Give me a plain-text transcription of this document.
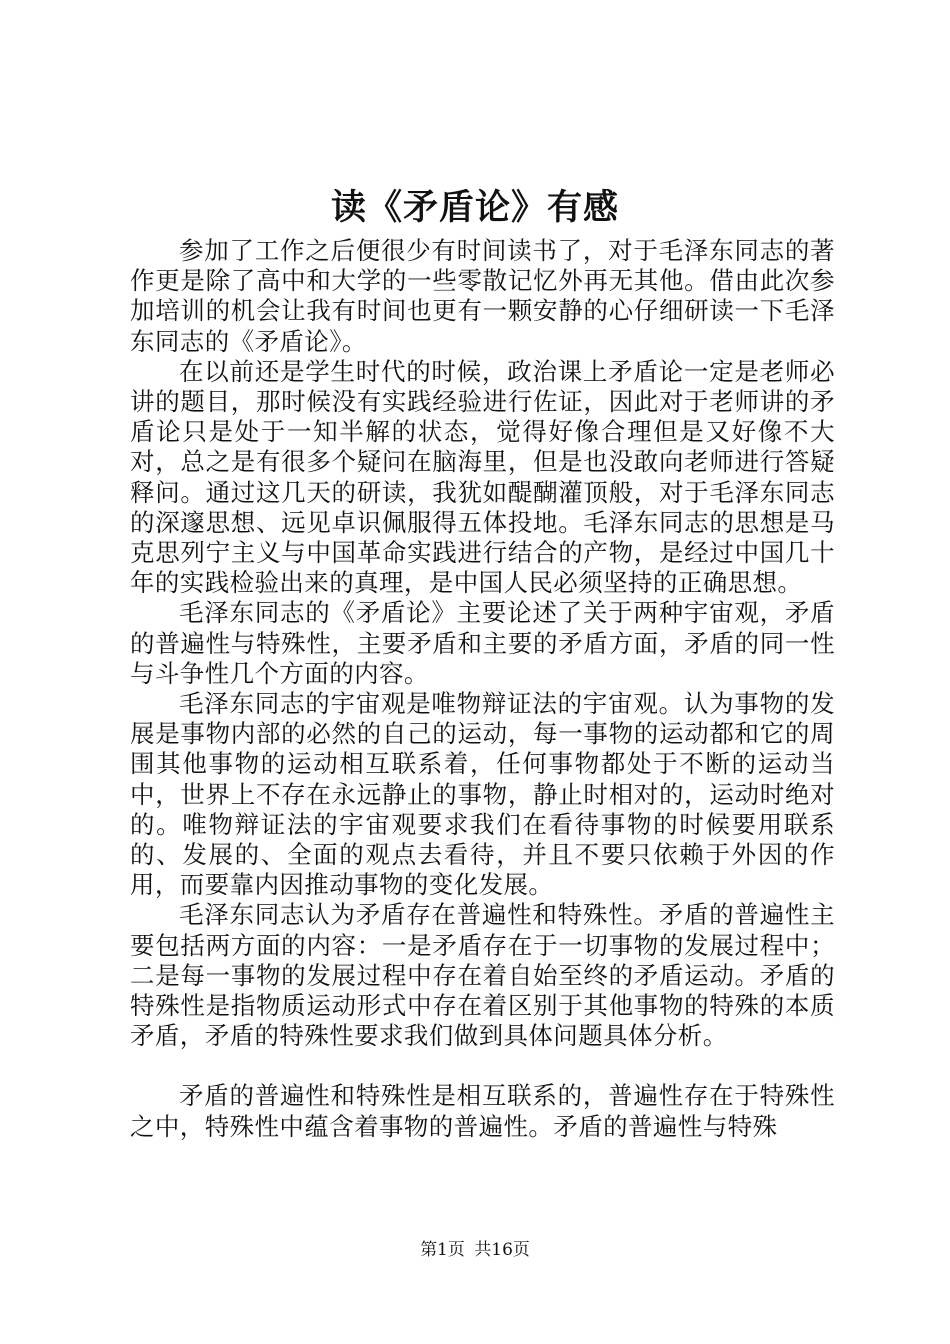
读《矛盾论》有感

参加了工作之后便很少有时间读书了，对于毛泽东同志的著作更是除了高中和大学的一些零散记忆外再无其他。借由此次参加培训的机会让我有时间也更有一颗安静的心仔细研读一下毛泽东同志的《矛盾论》。

在以前还是学生时代的时候，政治课上矛盾论一定是老师必讲的题目，那时候没有实践经验进行佐证，因此对于老师讲的矛盾论只是处于一知半解的状态，觉得好像合理但是又好像不大对，总之是有很多个疑问在脑海里，但是也没敢向老师进行答疑释问。通过这几天的研读，我犹如醍醐灌顶般，对于毛泽东同志的深邃思想、远见卓识佩服得五体投地。毛泽东同志的思想是马克思列宁主义与中国革命实践进行结合的产物，是经过中国几十年的实践检验出来的真理，是中国人民必须坚持的正确思想。

毛泽东同志的《矛盾论》主要论述了关于两种宇宙观，矛盾的普遍性与特殊性，主要矛盾和主要的矛盾方面，矛盾的同一性与斗争性几个方面的内容。

毛泽东同志的宇宙观是唯物辩证法的宇宙观。认为事物的发展是事物内部的必然的自己的运动，每一事物的运动都和它的周围其他事物的运动相互联系着，任何事物都处于不断的运动当中，世界上不存在永远静止的事物，静止时相对的，运动时绝对的。唯物辩证法的宇宙观要求我们在看待事物的时候要用联系的、发展的、全面的观点去看待，并且不要只依赖于外因的作用，而要靠内因推动事物的变化发展。

毛泽东同志认为矛盾存在普遍性和特殊性。矛盾的普遍性主要包括两方面的内容：一是矛盾存在于一切事物的发展过程中；二是每一事物的发展过程中存在着自始至终的矛盾运动。矛盾的特殊性是指物质运动形式中存在着区别于其他事物的特殊的本质矛盾，矛盾的特殊性要求我们做到具体问题具体分析。

矛盾的普遍性和特殊性是相互联系的，普遍性存在于特殊性之中，特殊性中蕴含着事物的普遍性。矛盾的普遍性与特殊

第1页 共16页
